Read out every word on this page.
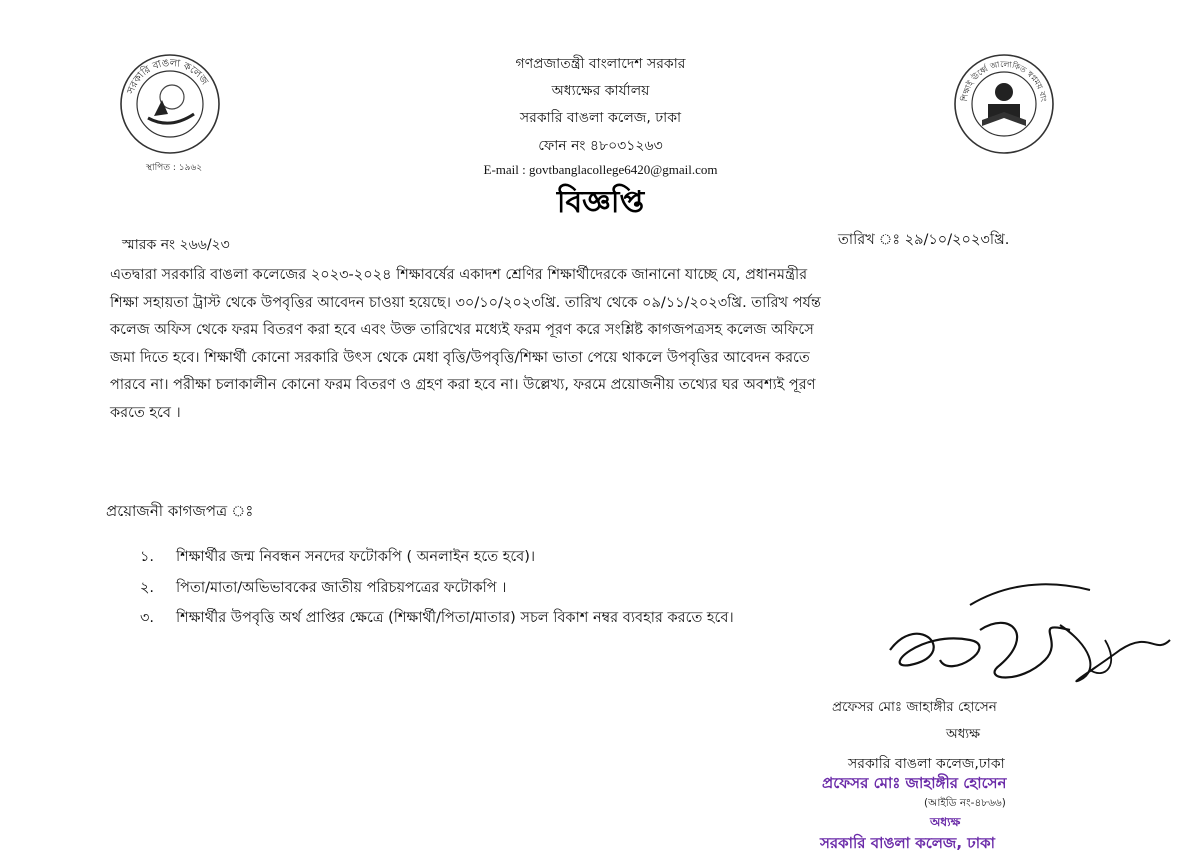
গণপ্রজাতন্ত্রী বাংলাদেশ সরকার
অধ্যক্ষের কার্যালয়
সরকারি বাঙলা কলেজ, ঢাকা
ফোন নং ৪৮০৩১২৬৩
E-mail : govtbanglacollege6420@gmail.com
সরকারি বাঙলা কলেজ
স্থাপিত : ১৯৬২
শিক্ষাই ঊর্ধ্বে আলোকিত স্বপ্নময় বাং
বিজ্ঞপ্তি
স্মারক নং ২৬৬/২৩	তারিখ ঃ ২৯/১০/২০২৩খ্রি.
এতদ্বারা সরকারি বাঙলা কলেজের ২০২৩-২০২৪ শিক্ষাবর্ষের একাদশ শ্রেণির শিক্ষার্থীদেরকে জানানো যাচ্ছে যে, প্রধানমন্ত্রীর
শিক্ষা সহায়তা ট্রাস্ট থেকে উপবৃত্তির আবেদন চাওয়া হয়েছে। ৩০/১০/২০২৩খ্রি. তারিখ থেকে ০৯/১১/২০২৩খ্রি. তারিখ পর্যন্ত
কলেজ অফিস থেকে ফরম বিতরণ করা হবে এবং উক্ত তারিখের মধ্যেই ফরম পূরণ করে সংশ্লিষ্ট কাগজপত্রসহ কলেজ অফিসে
জমা দিতে হবে। শিক্ষার্থী কোনো সরকারি উৎস থেকে মেধা বৃত্তি/উপবৃত্তি/শিক্ষা ভাতা পেয়ে থাকলে উপবৃত্তির আবেদন করতে
পারবে না। পরীক্ষা চলাকালীন কোনো ফরম বিতরণ ও গ্রহণ করা হবে না। উল্লেখ্য, ফরমে প্রয়োজনীয় তথ্যের ঘর অবশ্যই পূরণ
করতে হবে ।
প্রয়োজনী কাগজপত্র ঃ
১. শিক্ষার্থীর জন্ম নিবন্ধন সনদের ফটোকপি ( অনলাইন হতে হবে)।
২. পিতা/মাতা/অভিভাবকের জাতীয় পরিচয়পত্রের ফটোকপি ।
৩. শিক্ষার্থীর উপবৃত্তি অর্থ প্রাপ্তির ক্ষেত্রে (শিক্ষার্থী/পিতা/মাতার) সচল বিকাশ নম্বর ব্যবহার করতে হবে।
প্রফেসর মোঃ জাহাঙ্গীর হোসেন
অধ্যক্ষ
সরকারি বাঙলা কলেজ,ঢাকা
প্রফেসর মোঃ জাহাঙ্গীর হোসেন
(আইডি নং-৪৮৬৬)
অধ্যক্ষ
সরকারি বাঙলা কলেজ, ঢাকা
